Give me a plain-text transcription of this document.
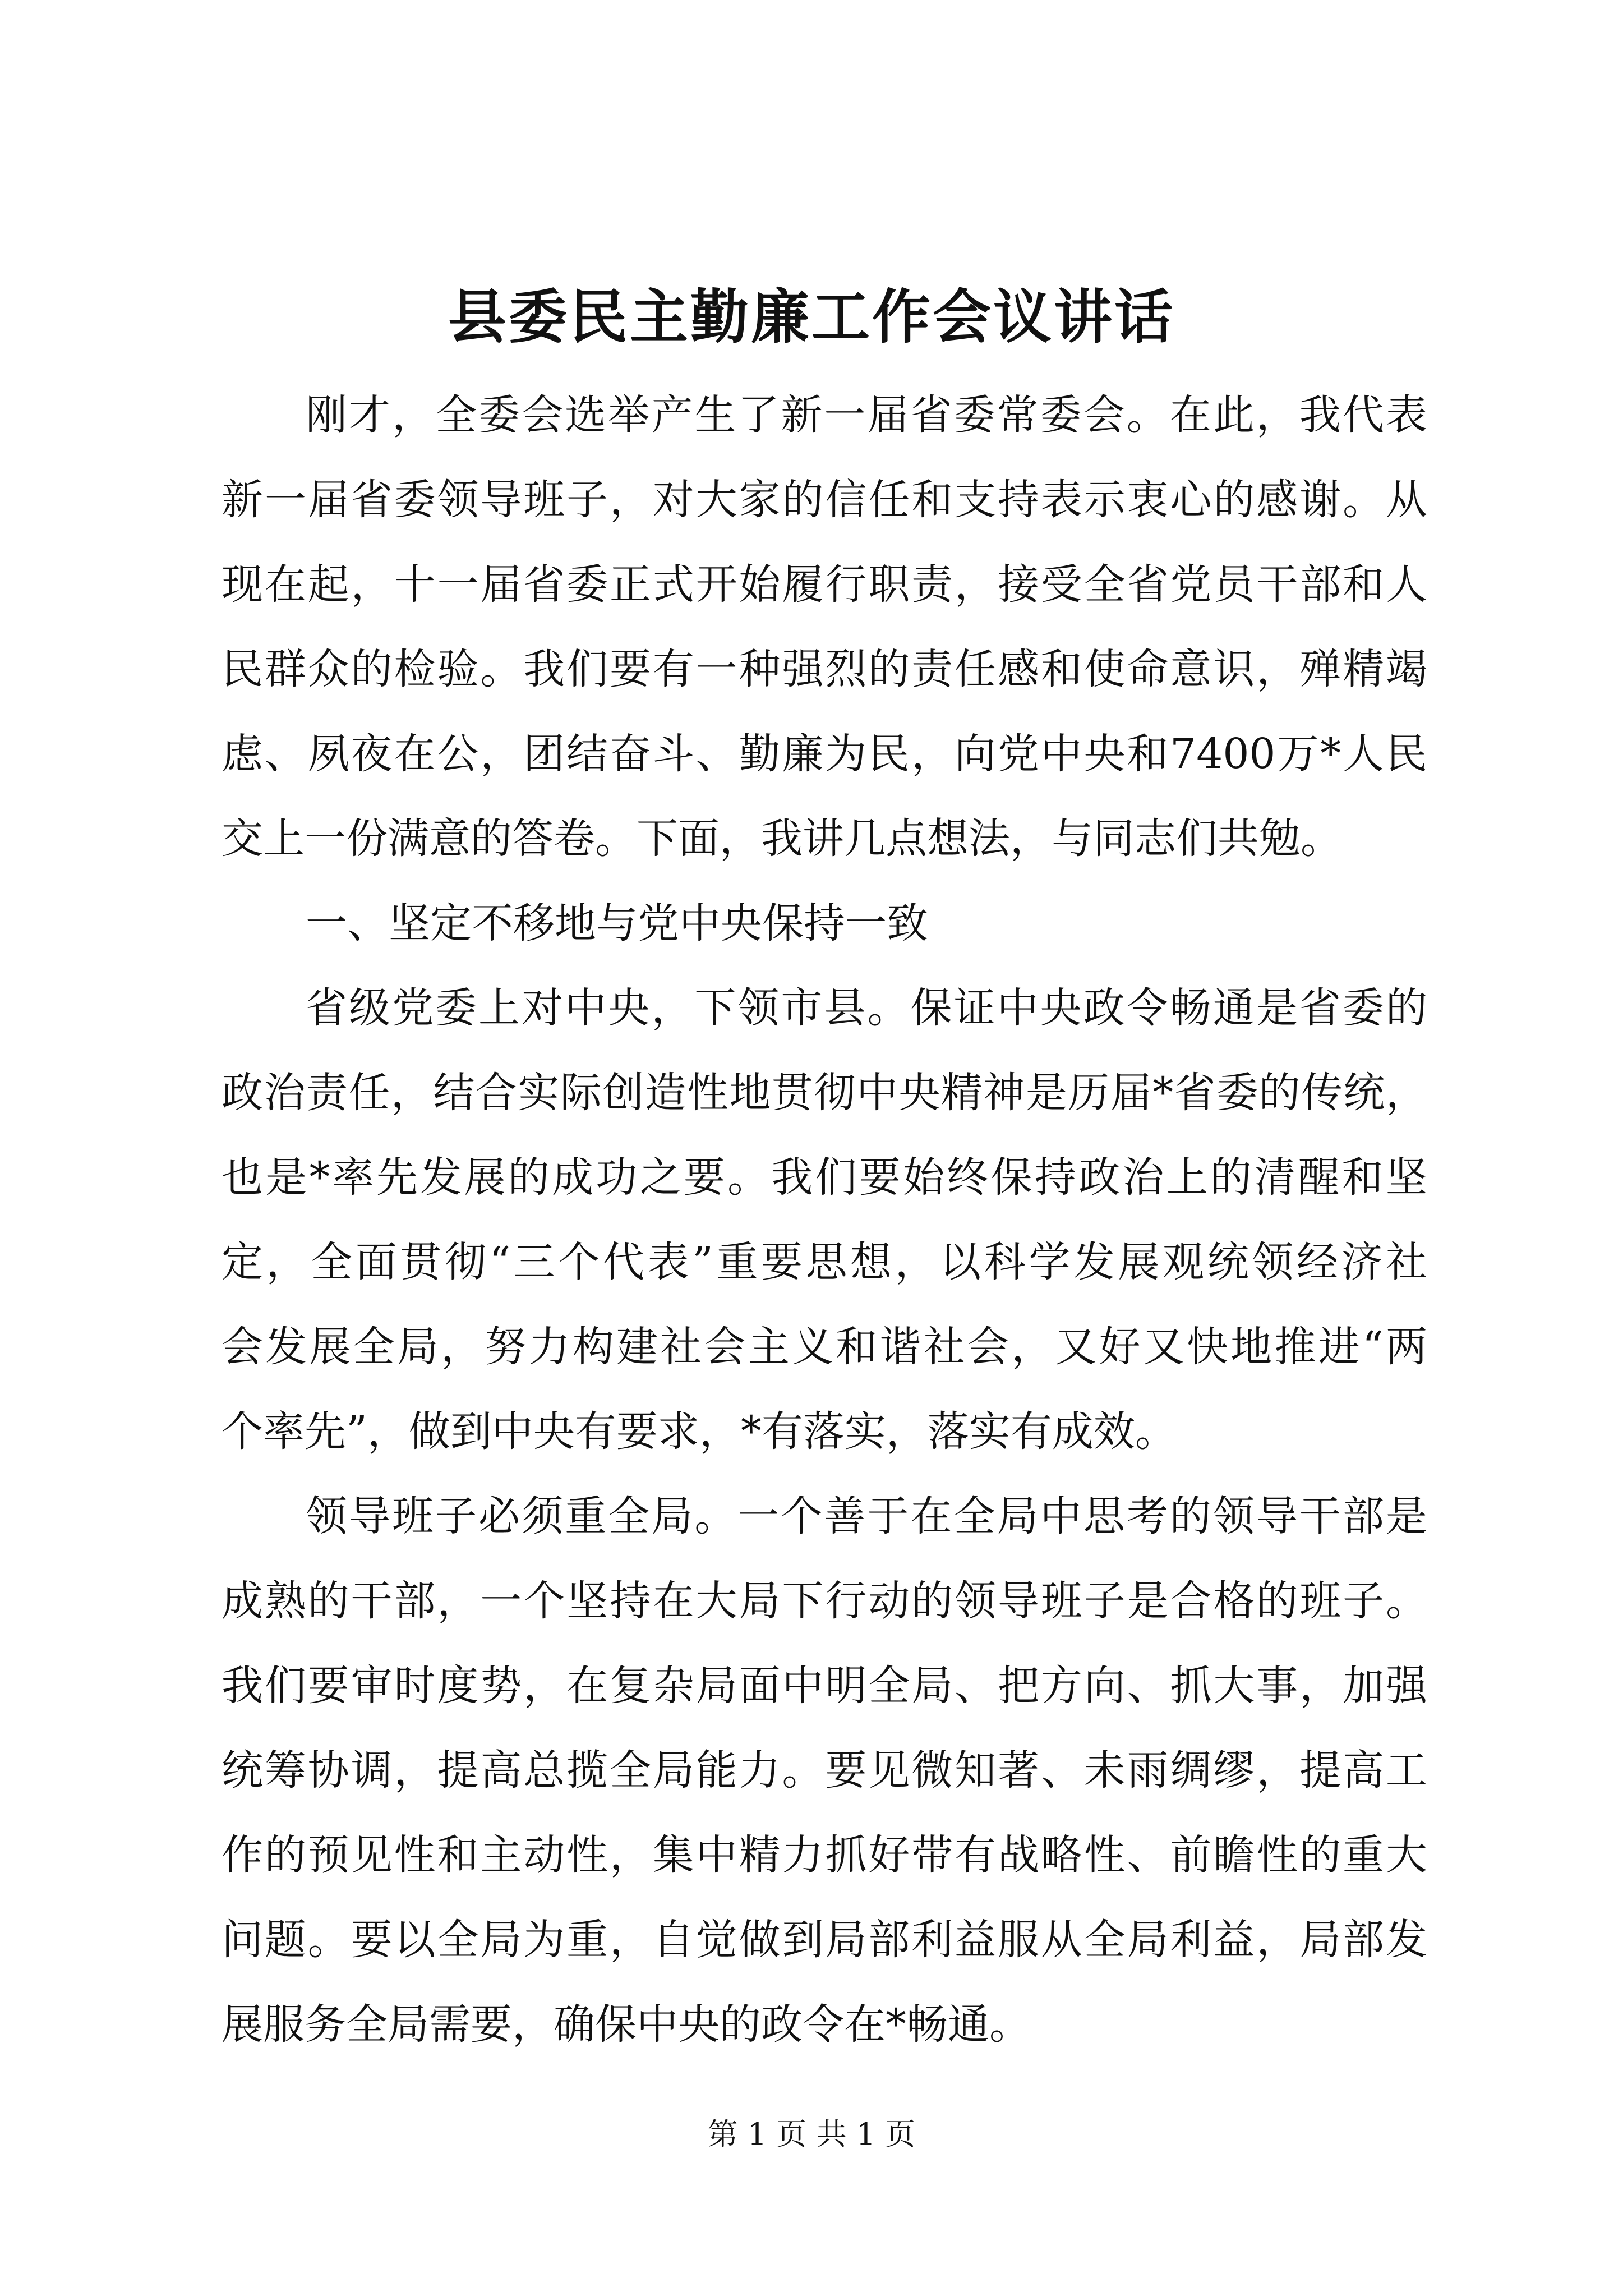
县委民主勤廉工作会议讲话

刚才，全委会选举产生了新一届省委常委会。在此，我代表

新一届省委领导班子，对大家的信任和支持表示衷心的感谢。从

现在起，十一届省委正式开始履行职责，接受全省党员干部和人

民群众的检验。我们要有一种强烈的责任感和使命意识，殚精竭

虑、夙夜在公，团结奋斗、勤廉为民，向党中央和7400万*人民

交上一份满意的答卷。下面，我讲几点想法，与同志们共勉。

一、坚定不移地与党中央保持一致

省级党委上对中央，下领市县。保证中央政令畅通是省委的

政治责任，结合实际创造性地贯彻中央精神是历届*省委的传统，

也是*率先发展的成功之要。我们要始终保持政治上的清醒和坚

定，全面贯彻“三个代表”重要思想，以科学发展观统领经济社

会发展全局，努力构建社会主义和谐社会，又好又快地推进“两

个率先”，做到中央有要求，*有落实，落实有成效。

领导班子必须重全局。一个善于在全局中思考的领导干部是

成熟的干部，一个坚持在大局下行动的领导班子是合格的班子。

我们要审时度势，在复杂局面中明全局、把方向、抓大事，加强

统筹协调，提高总揽全局能力。要见微知著、未雨绸缪，提高工

作的预见性和主动性，集中精力抓好带有战略性、前瞻性的重大

问题。要以全局为重，自觉做到局部利益服从全局利益，局部发

展服务全局需要，确保中央的政令在*畅通。

第 1 页 共 1 页
